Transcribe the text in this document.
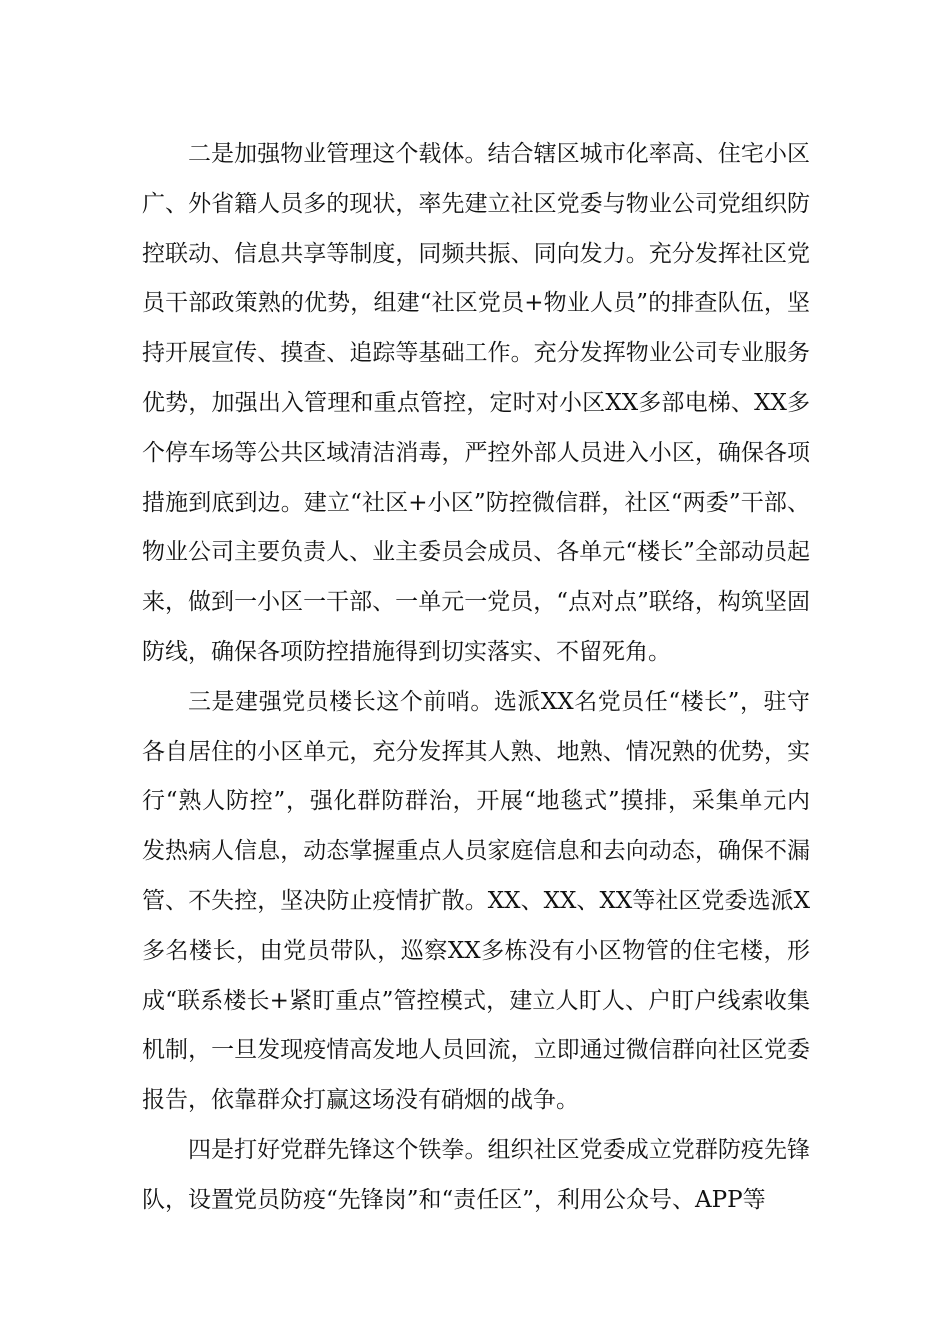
二是加强物业管理这个载体。结合辖区城市化率高、住宅小区广、外省籍人员多的现状，率先建立社区党委与物业公司党组织防控联动、信息共享等制度，同频共振、同向发力。充分发挥社区党员干部政策熟的优势，组建“社区党员+物业人员”的排查队伍，坚持开展宣传、摸查、追踪等基础工作。充分发挥物业公司专业服务优势，加强出入管理和重点管控，定时对小区XX多部电梯、XX多个停车场等公共区域清洁消毒，严控外部人员进入小区，确保各项措施到底到边。建立“社区+小区”防控微信群，社区“两委”干部、物业公司主要负责人、业主委员会成员、各单元“楼长”全部动员起来，做到一小区一干部、一单元一党员，“点对点”联络，构筑坚固防线，确保各项防控措施得到切实落实、不留死角。

三是建强党员楼长这个前哨。选派XX名党员任“楼长”，驻守各自居住的小区单元，充分发挥其人熟、地熟、情况熟的优势，实行“熟人防控”，强化群防群治，开展“地毯式”摸排，采集单元内发热病人信息，动态掌握重点人员家庭信息和去向动态，确保不漏管、不失控，坚决防止疫情扩散。XX、XX、XX等社区党委选派X多名楼长，由党员带队，巡察XX多栋没有小区物管的住宅楼，形成“联系楼长+紧盯重点”管控模式，建立人盯人、户盯户线索收集机制，一旦发现疫情高发地人员回流，立即通过微信群向社区党委报告，依靠群众打赢这场没有硝烟的战争。

四是打好党群先锋这个铁拳。组织社区党委成立党群防疫先锋队，设置党员防疫“先锋岗”和“责任区”，利用公众号、APP等
